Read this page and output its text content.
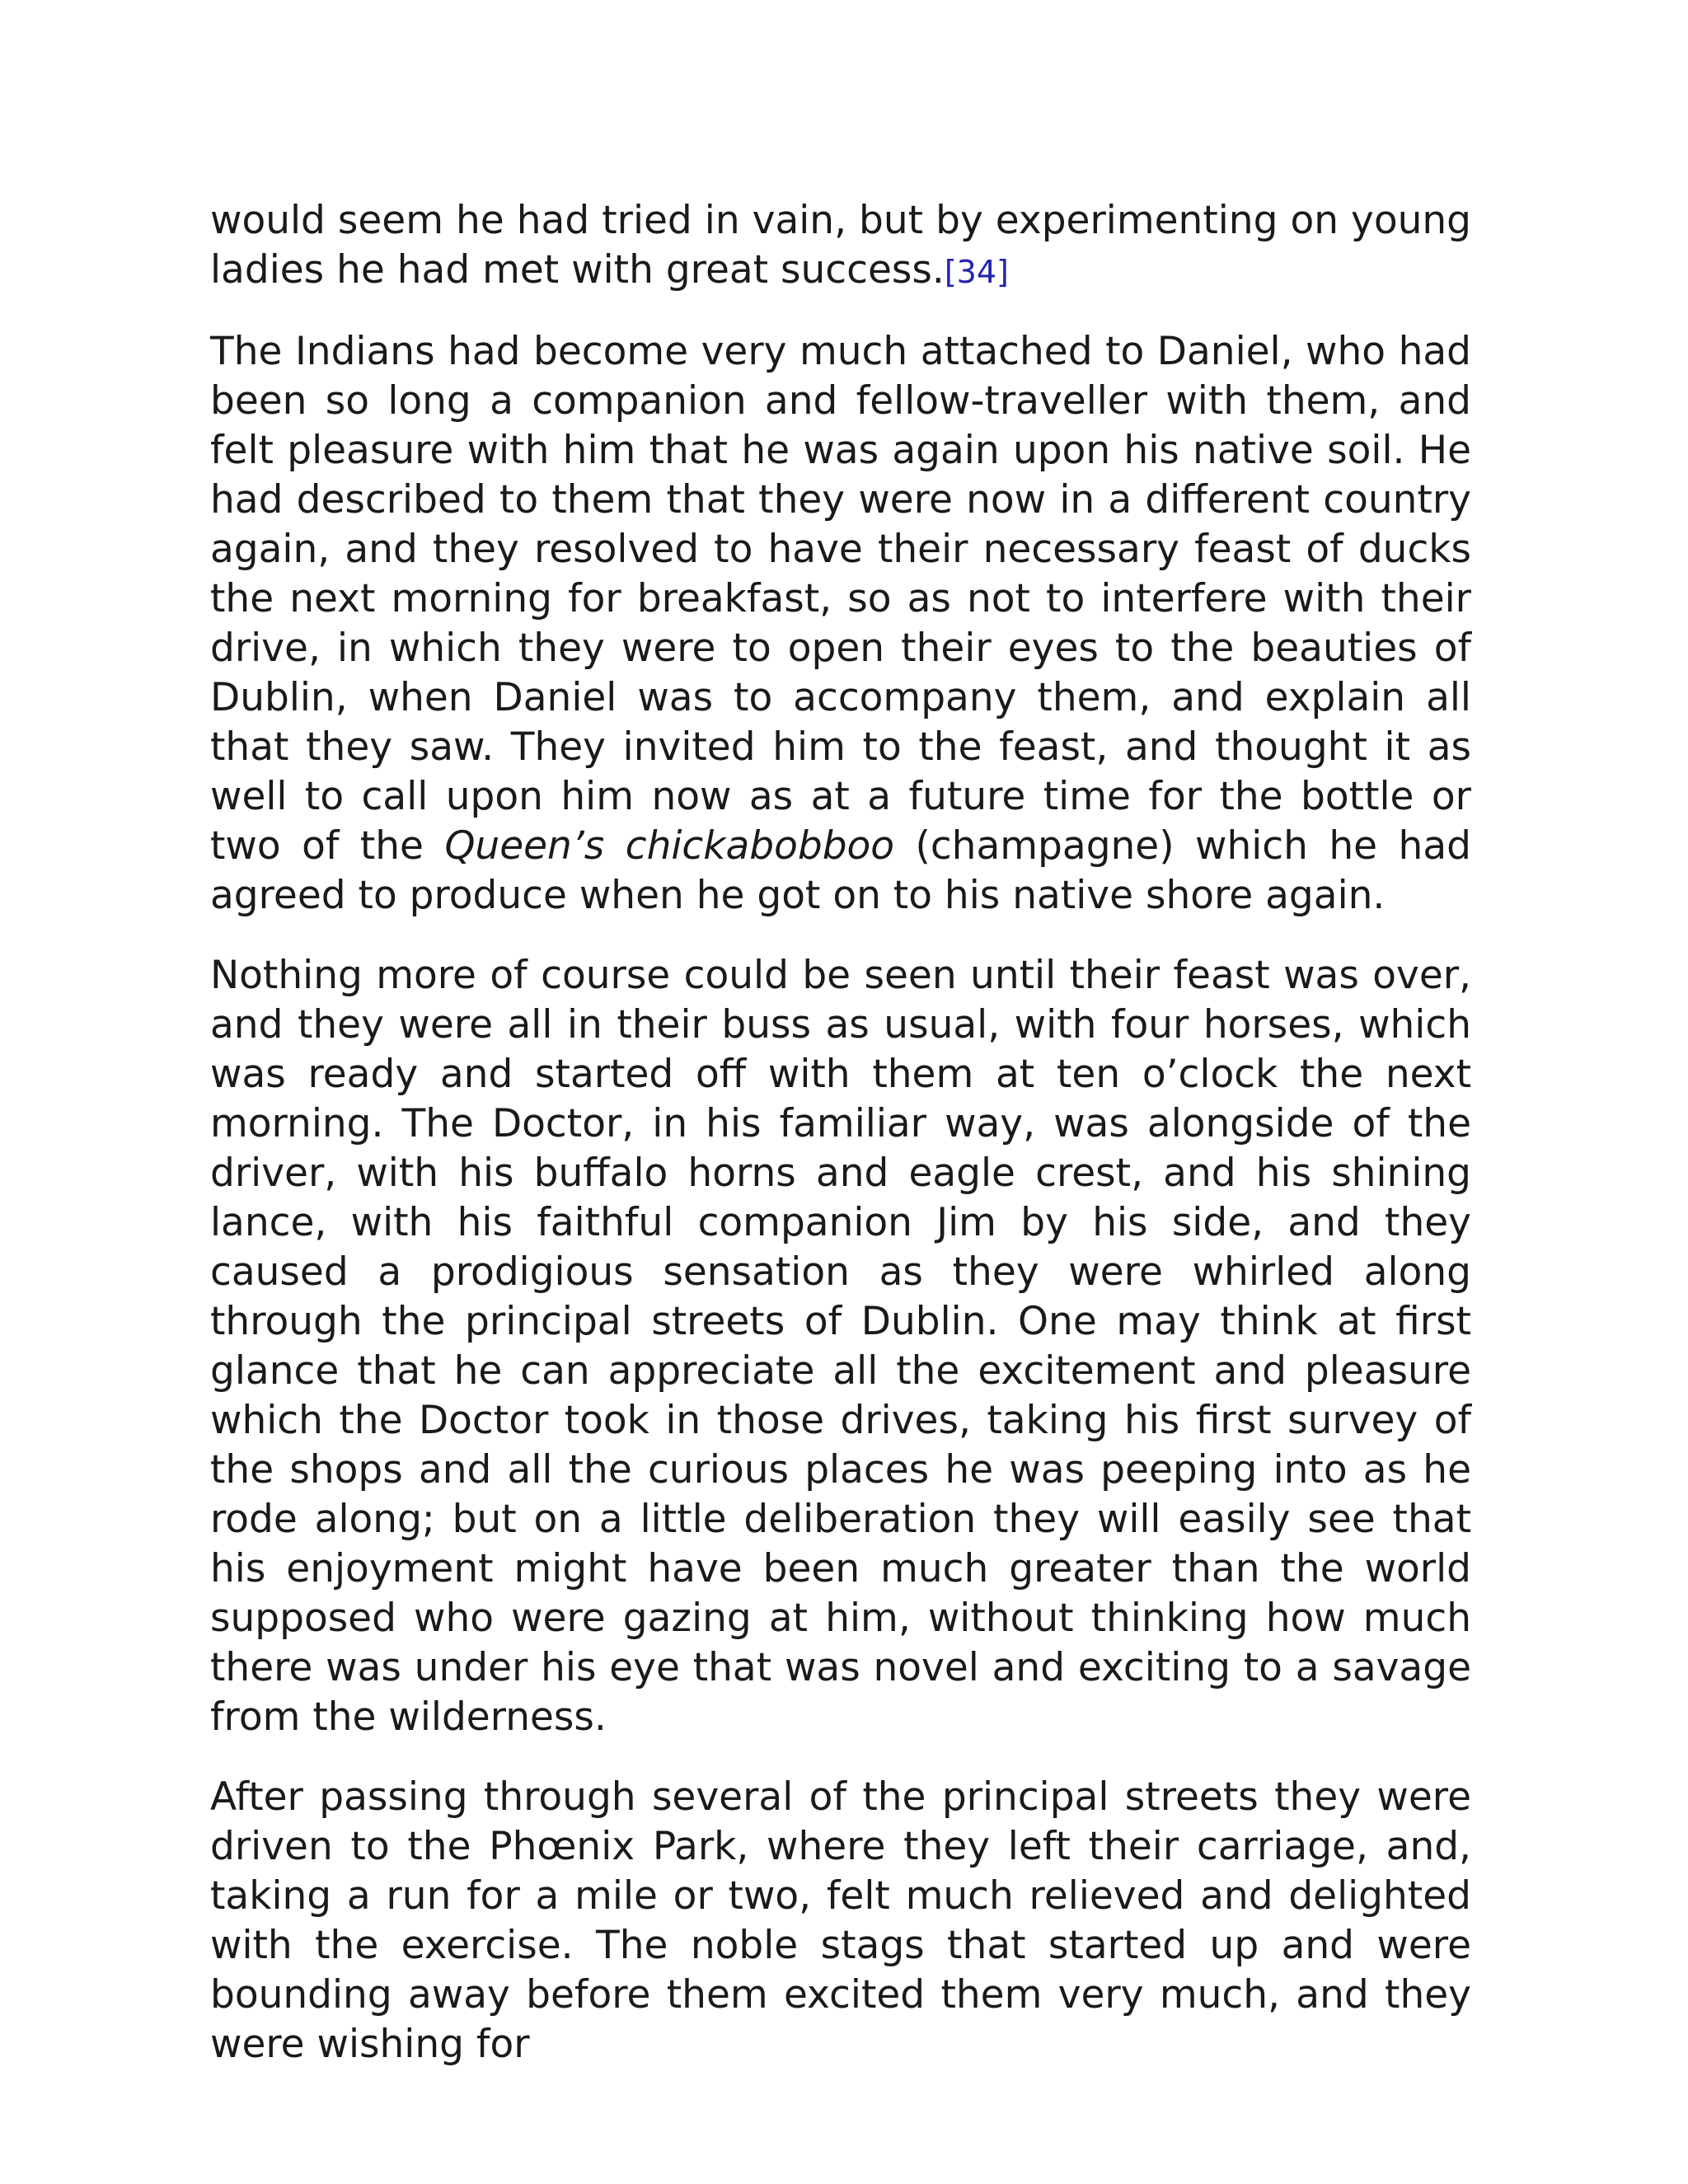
would seem he had tried in vain, but by experimenting on young ladies he had met with great success.[34]

The Indians had become very much attached to Daniel, who had been so long a companion and fellow-traveller with them, and felt pleasure with him that he was again upon his native soil. He had described to them that they were now in a different country again, and they resolved to have their necessary feast of ducks the next morning for breakfast, so as not to interfere with their drive, in which they were to open their eyes to the beauties of Dublin, when Daniel was to accompany them, and explain all that they saw. They invited him to the feast, and thought it as well to call upon him now as at a future time for the bottle or two of the Queen’s chickabobboo (champagne) which he had agreed to produce when he got on to his native shore again.

Nothing more of course could be seen until their feast was over, and they were all in their buss as usual, with four horses, which was ready and started off with them at ten o’clock the next morning. The Doctor, in his familiar way, was alongside of the driver, with his buffalo horns and eagle crest, and his shining lance, with his faithful companion Jim by his side, and they caused a prodigious sensation as they were whirled along through the principal streets of Dublin. One may think at first glance that he can appreciate all the excitement and pleasure which the Doctor took in those drives, taking his first survey of the shops and all the curious places he was peeping into as he rode along; but on a little deliberation they will easily see that his enjoyment might have been much greater than the world supposed who were gazing at him, without thinking how much there was under his eye that was novel and exciting to a savage from the wilderness.

After passing through several of the principal streets they were driven to the Phœnix Park, where they left their carriage, and, taking a run for a mile or two, felt much relieved and delighted with the exercise. The noble stags that started up and were bounding away before them excited them very much, and they were wishing for
